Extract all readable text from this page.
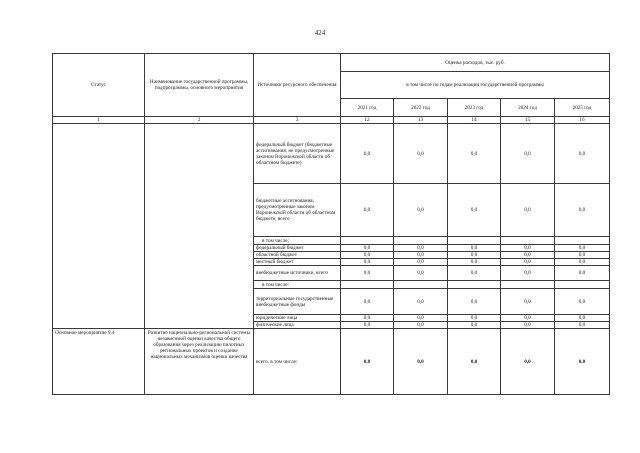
424
Статус	Наименование государственной программы, подпрограммы, основного мероприятия	Источники ресурсного обеспечения	Оценка расходов, тыс. руб.				
			в том числе по годам реализации государственной программы				
			2021 год	2022 год	2023 год	2024 год	2025 год
1	2	3	12	13	14	15	16
		федеральный бюджет (бюджетные ассигнования, не предусмотренные законом Воронежской области об областном бюджете)	0,0	0,0	0,0	0,0	0,0
		бюджетные ассигнования, предусмотренные законом Воронежской области об областном бюджете, всего	0,0	0,0	0,0	0,0	0,0
		в том числе:					
		федеральный бюджет	0,0	0,0	0,0	0,0	0,0
		областной бюджет	0,0	0,0	0,0	0,0	0,0
		местный бюджет	0,0	0,0	0,0	0,0	0,0
		внебюджетные источники, всего	0,0	0,0	0,0	0,0	0,0
		в том числе:					
		территориальные государственные внебюджетные фонды	0,0	0,0	0,0	0,0	0,0
		юридические лица	0,0	0,0	0,0	0,0	0,0
		физические лица	0,0	0,0	0,0	0,0	0,0
Основное мероприятие 9.4	Развитие национально-региональной системы независимой оценки качества общего образования через реализацию пилотных региональных проектов и создание национальных механизмов оценки качества	всего, в том числе:	0,0	0,0	0,0	0,0	0,0
